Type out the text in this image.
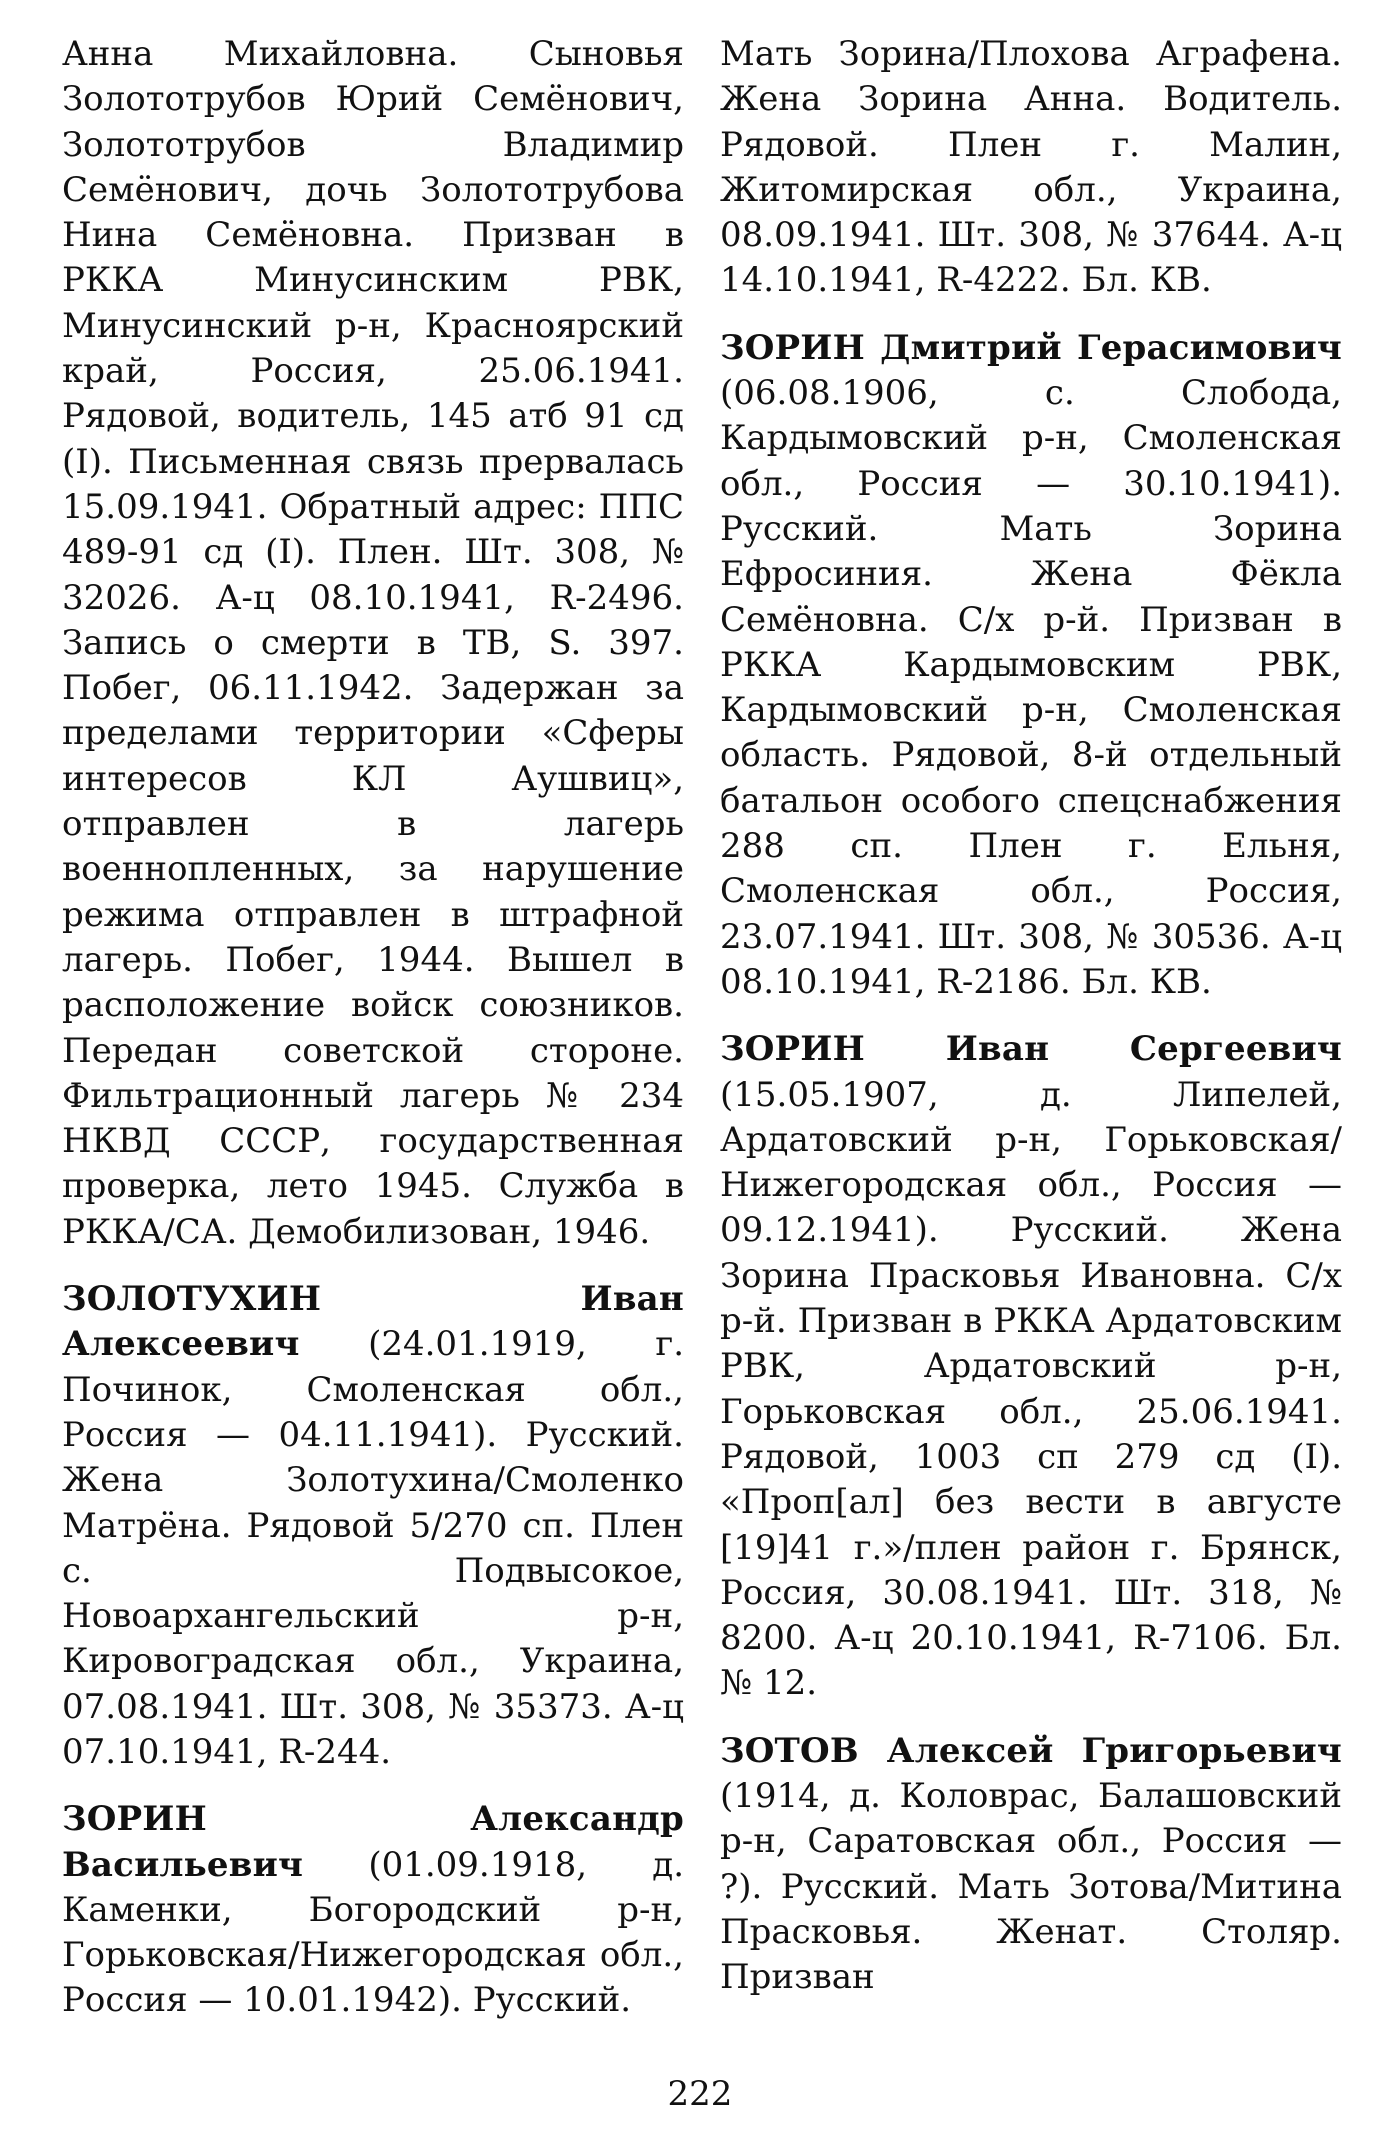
Анна Михайловна. Сыновья Золототрубов Юрий Семёнович, Золототрубов Владимир Семёнович, дочь Золототрубова Нина Семёновна. Призван в РККА Минусинским РВК, Минусинский р-н, Красноярский край, Россия, 25.06.1941. Рядовой, водитель, 145 атб 91 сд (I). Письменная связь прервалась 15.09.1941. Обратный адрес: ППС 489-91 сд (I). Плен. Шт. 308, № 32026. А-ц 08.10.1941, R-2496. Запись о смерти в ТВ, S. 397. Побег, 06.11.1942. Задержан за пределами территории «Сферы интересов КЛ Аушвиц», отправлен в лагерь военнопленных, за нарушение режима отправлен в штрафной лагерь. Побег, 1944. Вышел в расположение войск союзников. Передан советской стороне. Фильтрационный лагерь № 234 НКВД СССР, государственная проверка, лето 1945. Служба в РККА/СА. Демобилизован, 1946.

ЗОЛОТУХИН Иван Алексеевич (24.01.1919, г. Починок, Смоленская обл., Россия — 04.11.1941). Русский. Жена Золотухина/Смоленко Матрёна. Рядовой 5/270 сп. Плен с. Подвысокое, Новоархангельский р-н, Кировоградская обл., Украина, 07.08.1941. Шт. 308, № 35373. А-ц 07.10.1941, R-244.

ЗОРИН Александр Васильевич (01.09.1918, д. Каменки, Богородский р-н, Горьковская/Нижегородская обл., Россия — 10.01.1942). Русский.

Мать Зорина/Плохова Аграфена. Жена Зорина Анна. Водитель. Рядовой. Плен г. Малин, Житомирская обл., Украина, 08.09.1941. Шт. 308, № 37644. А-ц 14.10.1941, R-4222. Бл. КВ.

ЗОРИН Дмитрий Герасимович (06.08.1906, с. Слобода, Кардымовский р-н, Смоленская обл., Россия — 30.10.1941). Русский. Мать Зорина Ефросиния. Жена Фёкла Семёновна. С/х р-й. Призван в РККА Кардымовским РВК, Кардымовский р-н, Смоленская область. Рядовой, 8-й отдельный батальон особого спецснабжения 288 сп. Плен г. Ельня, Смоленская обл., Россия, 23.07.1941. Шт. 308, № 30536. А-ц 08.10.1941, R-2186. Бл. КВ.

ЗОРИН Иван Сергеевич (15.05.1907, д. Липелей, Ардатовский р-н, Горьковская/Нижегородская обл., Россия — 09.12.1941). Русский. Жена Зорина Прасковья Ивановна. С/х р-й. Призван в РККА Ардатовским РВК, Ардатовский р-н, Горьковская обл., 25.06.1941. Рядовой, 1003 сп 279 сд (I). «Проп[ал] без вести в августе [19]41 г.»/плен район г. Брянск, Россия, 30.08.1941. Шт. 318, № 8200. А-ц 20.10.1941, R-7106. Бл. № 12.

ЗОТОВ Алексей Григорьевич (1914, д. Коловрас, Балашовский р-н, Саратовская обл., Россия — ?). Русский. Мать Зотова/Митина Прасковья. Женат. Столяр. Призван

222
